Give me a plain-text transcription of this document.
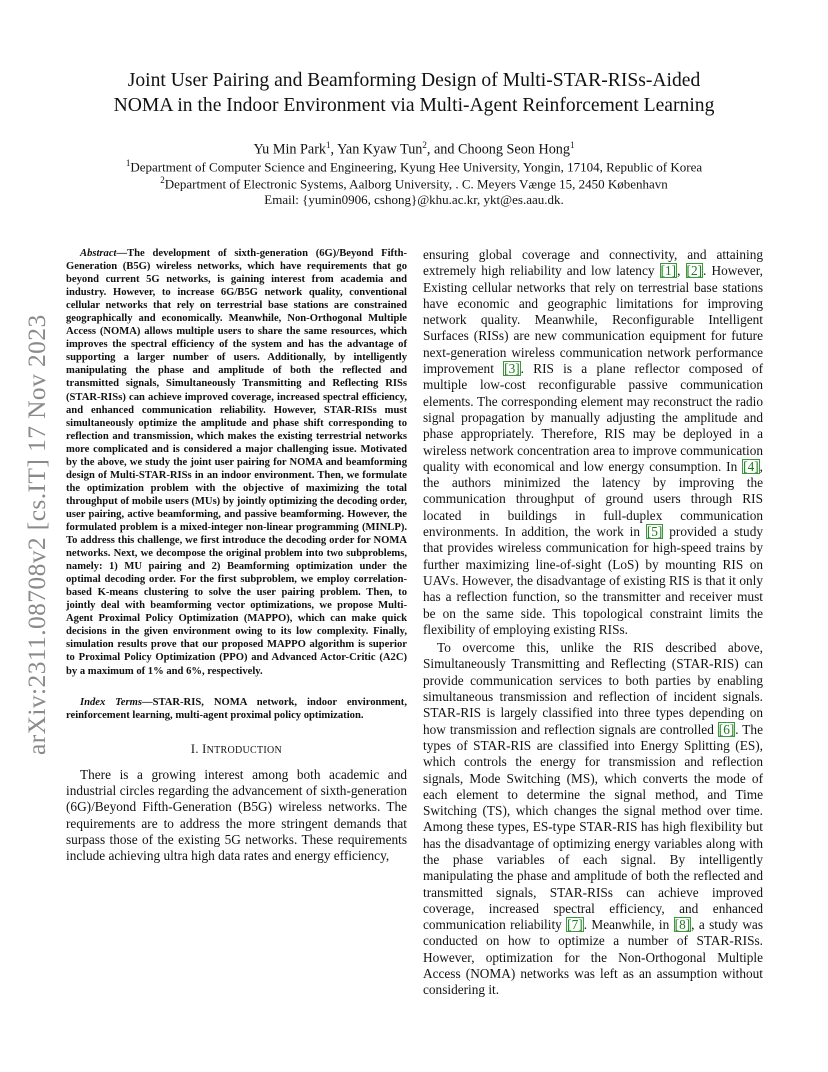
arXiv:2311.08708v2 [cs.IT] 17 Nov 2023
Joint User Pairing and Beamforming Design of Multi-STAR-RISs-Aided
NOMA in the Indoor Environment via Multi-Agent Reinforcement Learning
Yu Min Park$^1$, Yan Kyaw Tun$^2$, and Choong Seon Hong$^1$
$^1$Department of Computer Science and Engineering, Kyung Hee University, Yongin, 17104, Republic of Korea
$^2$Department of Electronic Systems, Aalborg University, . C. Meyers Vænge 15, 2450 København
Email: {yumin0906, cshong}@khu.ac.kr, ykt@es.aau.dk.

Abstract—The development of sixth-generation (6G)/Beyond Fifth-Generation (B5G) wireless networks, which have requirements that go beyond current 5G networks, is gaining interest from academia and industry. However, to increase 6G/B5G network quality, conventional cellular networks that rely on terrestrial base stations are constrained geographically and economically. Meanwhile, Non-Orthogonal Multiple Access (NOMA) allows multiple users to share the same resources, which improves the spectral efficiency of the system and has the advantage of supporting a larger number of users. Additionally, by intelligently manipulating the phase and amplitude of both the reflected and transmitted signals, Simultaneously Transmitting and Reflecting RISs (STAR-RISs) can achieve improved coverage, increased spectral efficiency, and enhanced communication reliability. However, STAR-RISs must simultaneously optimize the amplitude and phase shift corresponding to reflection and transmission, which makes the existing terrestrial networks more complicated and is considered a major challenging issue. Motivated by the above, we study the joint user pairing for NOMA and beamforming design of Multi-STAR-RISs in an indoor environment. Then, we formulate the optimization problem with the objective of maximizing the total throughput of mobile users (MUs) by jointly optimizing the decoding order, user pairing, active beamforming, and passive beamforming. However, the formulated problem is a mixed-integer non-linear programming (MINLP). To address this challenge, we first introduce the decoding order for NOMA networks. Next, we decompose the original problem into two subproblems, namely: 1) MU pairing and 2) Beamforming optimization under the optimal decoding order. For the first subproblem, we employ correlation-based K-means clustering to solve the user pairing problem. Then, to jointly deal with beamforming vector optimizations, we propose Multi-Agent Proximal Policy Optimization (MAPPO), which can make quick decisions in the given environment owing to its low complexity. Finally, simulation results prove that our proposed MAPPO algorithm is superior to Proximal Policy Optimization (PPO) and Advanced Actor-Critic (A2C) by a maximum of 1% and 6%, respectively.

Index Terms—STAR-RIS, NOMA network, indoor environment, reinforcement learning, multi-agent proximal policy optimization.

I. INTRODUCTION

There is a growing interest among both academic and industrial circles regarding the advancement of sixth-generation (6G)/Beyond Fifth-Generation (B5G) wireless networks. The requirements are to address the more stringent demands that surpass those of the existing 5G networks. These requirements include achieving ultra high data rates and energy efficiency,

ensuring global coverage and connectivity, and attaining extremely high reliability and low latency [1], [2]. However, Existing cellular networks that rely on terrestrial base stations have economic and geographic limitations for improving network quality. Meanwhile, Reconfigurable Intelligent Surfaces (RISs) are new communication equipment for future next-generation wireless communication network performance improvement [3]. RIS is a plane reflector composed of multiple low-cost reconfigurable passive communication elements. The corresponding element may reconstruct the radio signal propagation by manually adjusting the amplitude and phase appropriately. Therefore, RIS may be deployed in a wireless network concentration area to improve communication quality with economical and low energy consumption. In [4], the authors minimized the latency by improving the communication throughput of ground users through RIS located in buildings in full-duplex communication environments. In addition, the work in [5] provided a study that provides wireless communication for high-speed trains by further maximizing line-of-sight (LoS) by mounting RIS on UAVs. However, the disadvantage of existing RIS is that it only has a reflection function, so the transmitter and receiver must be on the same side. This topological constraint limits the flexibility of employing existing RISs.

To overcome this, unlike the RIS described above, Simultaneously Transmitting and Reflecting (STAR-RIS) can provide communication services to both parties by enabling simultaneous transmission and reflection of incident signals. STAR-RIS is largely classified into three types depending on how transmission and reflection signals are controlled [6]. The types of STAR-RIS are classified into Energy Splitting (ES), which controls the energy for transmission and reflection signals, Mode Switching (MS), which converts the mode of each element to determine the signal method, and Time Switching (TS), which changes the signal method over time. Among these types, ES-type STAR-RIS has high flexibility but has the disadvantage of optimizing energy variables along with the phase variables of each signal. By intelligently manipulating the phase and amplitude of both the reflected and transmitted signals, STAR-RISs can achieve improved coverage, increased spectral efficiency, and enhanced communication reliability [7]. Meanwhile, in [8], a study was conducted on how to optimize a number of STAR-RISs. However, optimization for the Non-Orthogonal Multiple Access (NOMA) networks was left as an assumption without considering it.
